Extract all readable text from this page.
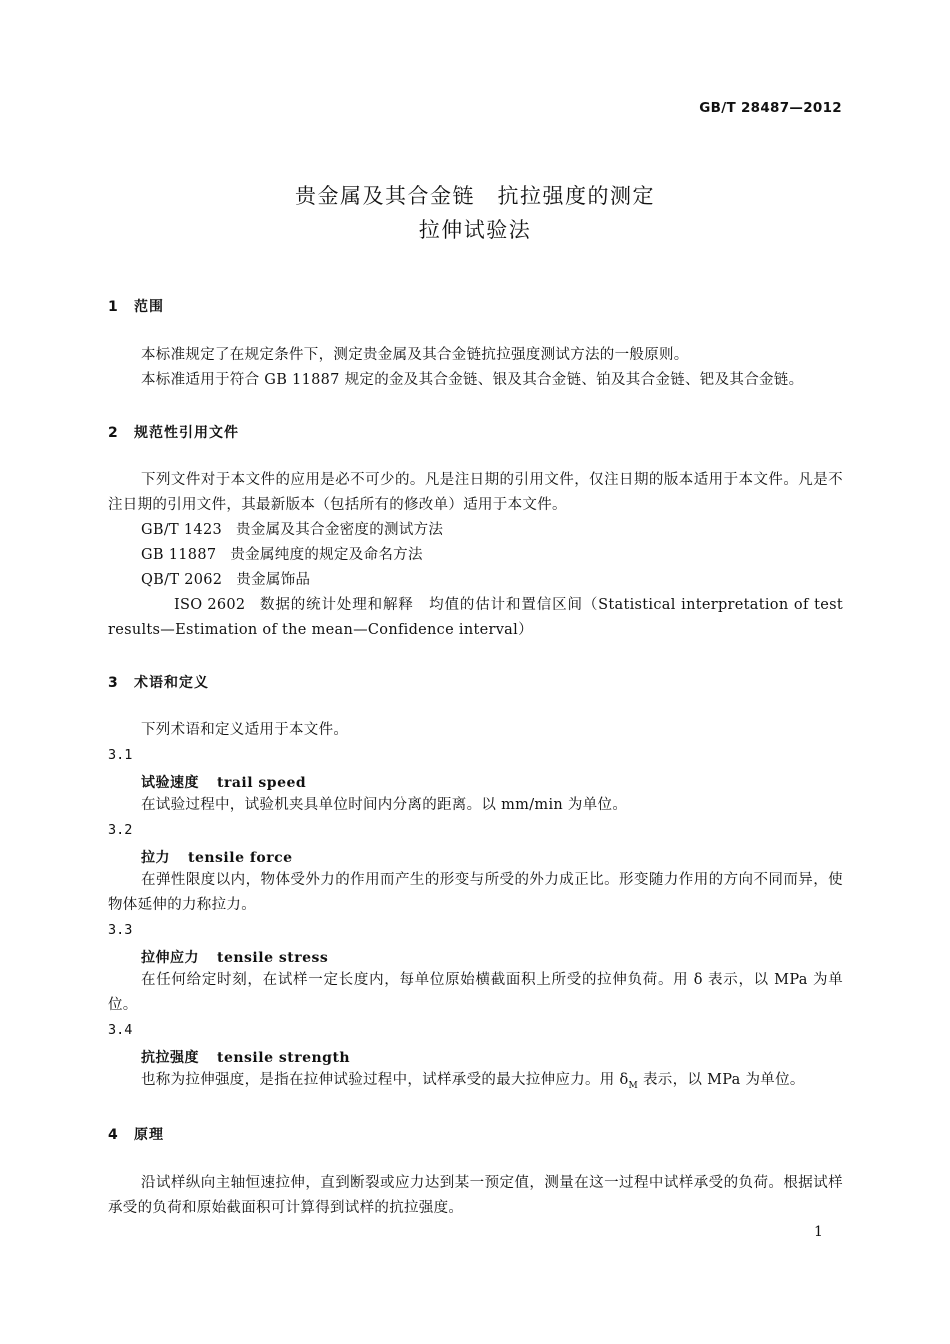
GB/T 28487—2012
贵金属及其合金链　抗拉强度的测定
拉伸试验法
1 范围
本标准规定了在规定条件下，测定贵金属及其合金链抗拉强度测试方法的一般原则。
本标准适用于符合 GB 11887 规定的金及其合金链、银及其合金链、铂及其合金链、钯及其合金链。
2 规范性引用文件
下列文件对于本文件的应用是必不可少的。凡是注日期的引用文件，仅注日期的版本适用于本文件。凡是不注日期的引用文件，其最新版本（包括所有的修改单）适用于本文件。
GB/T 1423 贵金属及其合金密度的测试方法
GB 11887 贵金属纯度的规定及命名方法
QB/T 2062 贵金属饰品
ISO 2602 数据的统计处理和解释　均值的估计和置信区间（Statistical interpretation of test results—Estimation of the mean—Confidence interval）
3 术语和定义
下列术语和定义适用于本文件。
3.1
试验速度 trail speed
在试验过程中，试验机夹具单位时间内分离的距离。以 mm/min 为单位。
3.2
拉力 tensile force
在弹性限度以内，物体受外力的作用而产生的形变与所受的外力成正比。形变随力作用的方向不同而异，使物体延伸的力称拉力。
3.3
拉伸应力 tensile stress
在任何给定时刻，在试样一定长度内，每单位原始横截面积上所受的拉伸负荷。用 δ 表示，以 MPa 为单位。
3.4
抗拉强度 tensile strength
也称为拉伸强度，是指在拉伸试验过程中，试样承受的最大拉伸应力。用 $\delta_M$ 表示，以 MPa 为单位。
4 原理
沿试样纵向主轴恒速拉伸，直到断裂或应力达到某一预定值，测量在这一过程中试样承受的负荷。根据试样承受的负荷和原始截面积可计算得到试样的抗拉强度。
1
